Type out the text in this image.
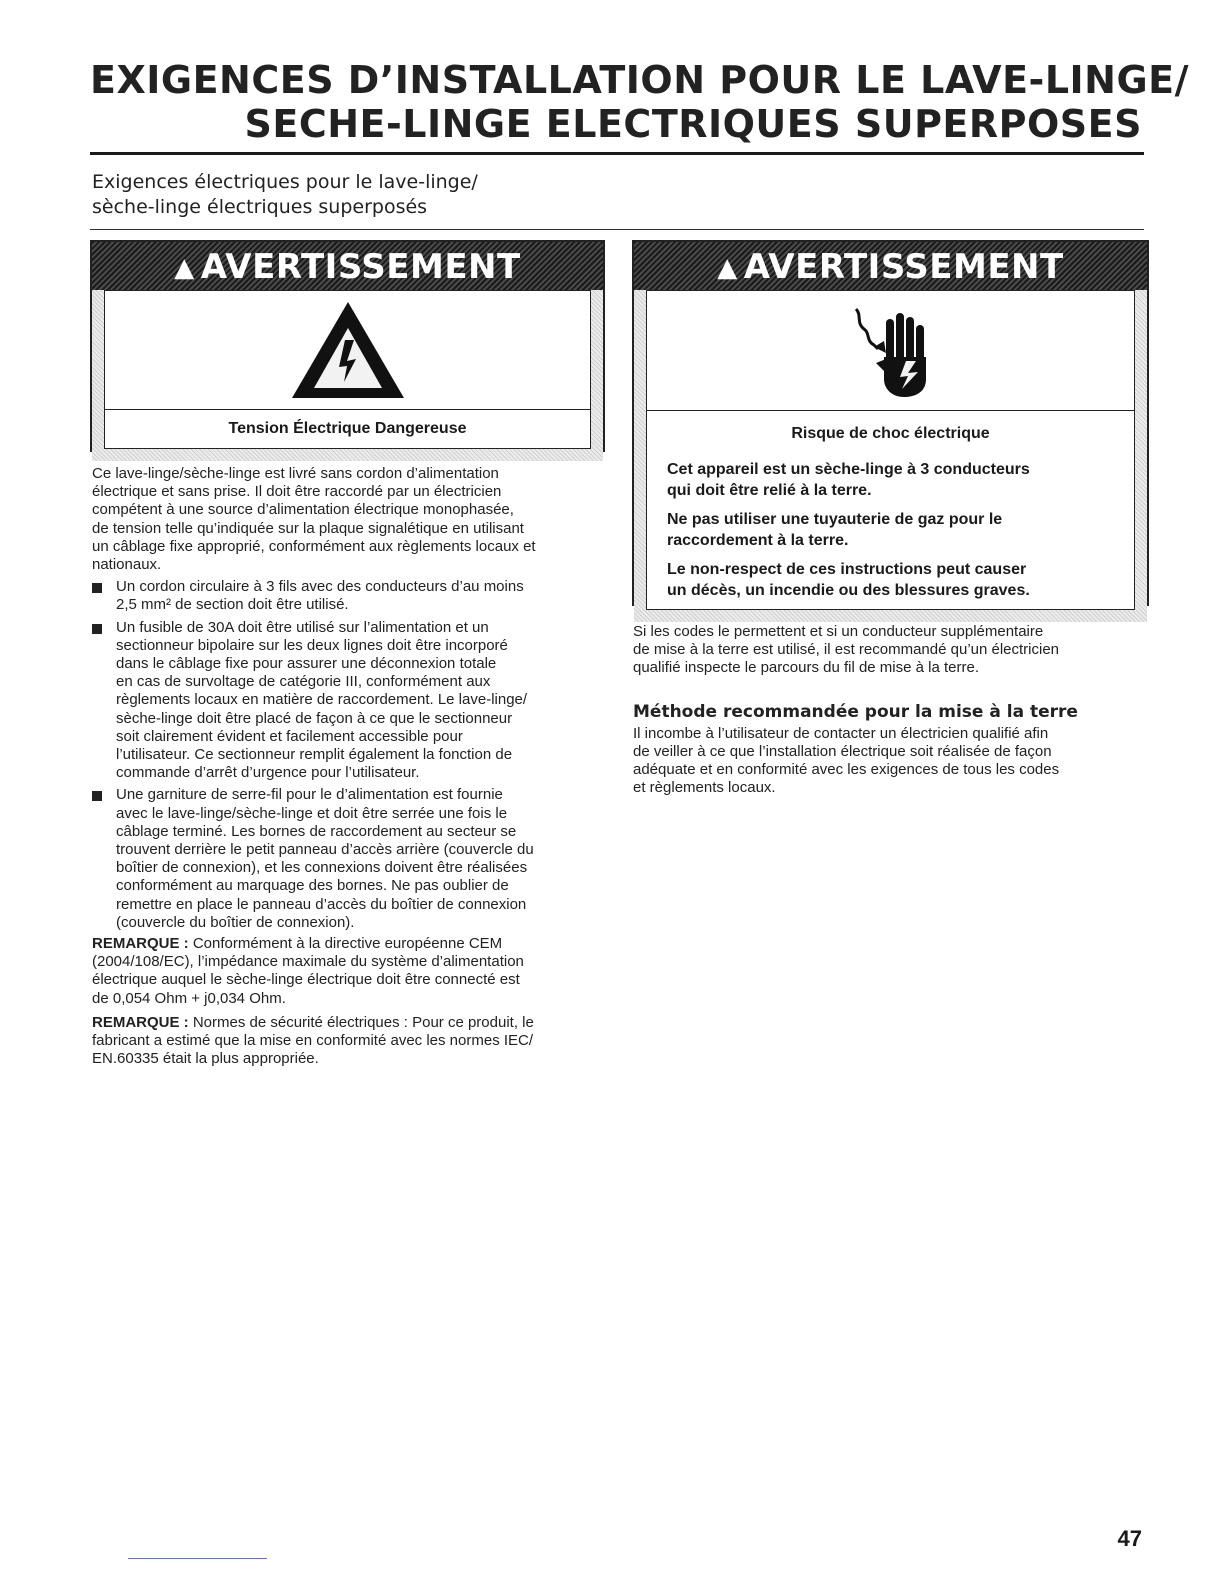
EXIGENCES D’INSTALLATION POUR LE LAVE-LINGE/
SECHE-LINGE ELECTRIQUES SUPERPOSES
Exigences électriques pour le lave-linge/
sèche-linge électriques superposés
▲ AVERTISSEMENT
Tension Électrique Dangereuse
▲ AVERTISSEMENT
Risque de choc électrique
Cet appareil est un sèche-linge à 3 conducteurs
qui doit être relié à la terre.
Ne pas utiliser une tuyauterie de gaz pour le
raccordement à la terre.
Le non-respect de ces instructions peut causer
un décès, un incendie ou des blessures graves.
Ce lave-linge/sèche-linge est livré sans cordon d’alimentation
électrique et sans prise. Il doit être raccordé par un électricien
compétent à une source d’alimentation électrique monophasée,
de tension telle qu’indiquée sur la plaque signalétique en utilisant
un câblage fixe approprié, conformément aux règlements locaux et
nationaux.
Un cordon circulaire à 3 fils avec des conducteurs d’au moins
2,5 mm² de section doit être utilisé.
Un fusible de 30A doit être utilisé sur l’alimentation et un
sectionneur bipolaire sur les deux lignes doit être incorporé
dans le câblage fixe pour assurer une déconnexion totale
en cas de survoltage de catégorie III, conformément aux
règlements locaux en matière de raccordement. Le lave-linge/
sèche-linge doit être placé de façon à ce que le sectionneur
soit clairement évident et facilement accessible pour
l’utilisateur. Ce sectionneur remplit également la fonction de
commande d’arrêt d’urgence pour l’utilisateur.
Une garniture de serre-fil pour le d’alimentation est fournie
avec le lave-linge/sèche-linge et doit être serrée une fois le
câblage terminé. Les bornes de raccordement au secteur se
trouvent derrière le petit panneau d’accès arrière (couvercle du
boîtier de connexion), et les connexions doivent être réalisées
conformément au marquage des bornes. Ne pas oublier de
remettre en place le panneau d’accès du boîtier de connexion
(couvercle du boîtier de connexion).
REMARQUE : Conformément à la directive européenne CEM
(2004/108/EC), l’impédance maximale du système d’alimentation
électrique auquel le sèche-linge électrique doit être connecté est
de 0,054 Ohm + j0,034 Ohm.
REMARQUE : Normes de sécurité électriques : Pour ce produit, le
fabricant a estimé que la mise en conformité avec les normes IEC/
EN.60335 était la plus appropriée.
Si les codes le permettent et si un conducteur supplémentaire
de mise à la terre est utilisé, il est recommandé qu’un électricien
qualifié inspecte le parcours du fil de mise à la terre.
Méthode recommandée pour la mise à la terre
Il incombe à l’utilisateur de contacter un électricien qualifié afin
de veiller à ce que l’installation électrique soit réalisée de façon
adéquate et en conformité avec les exigences de tous les codes
et règlements locaux.
47
